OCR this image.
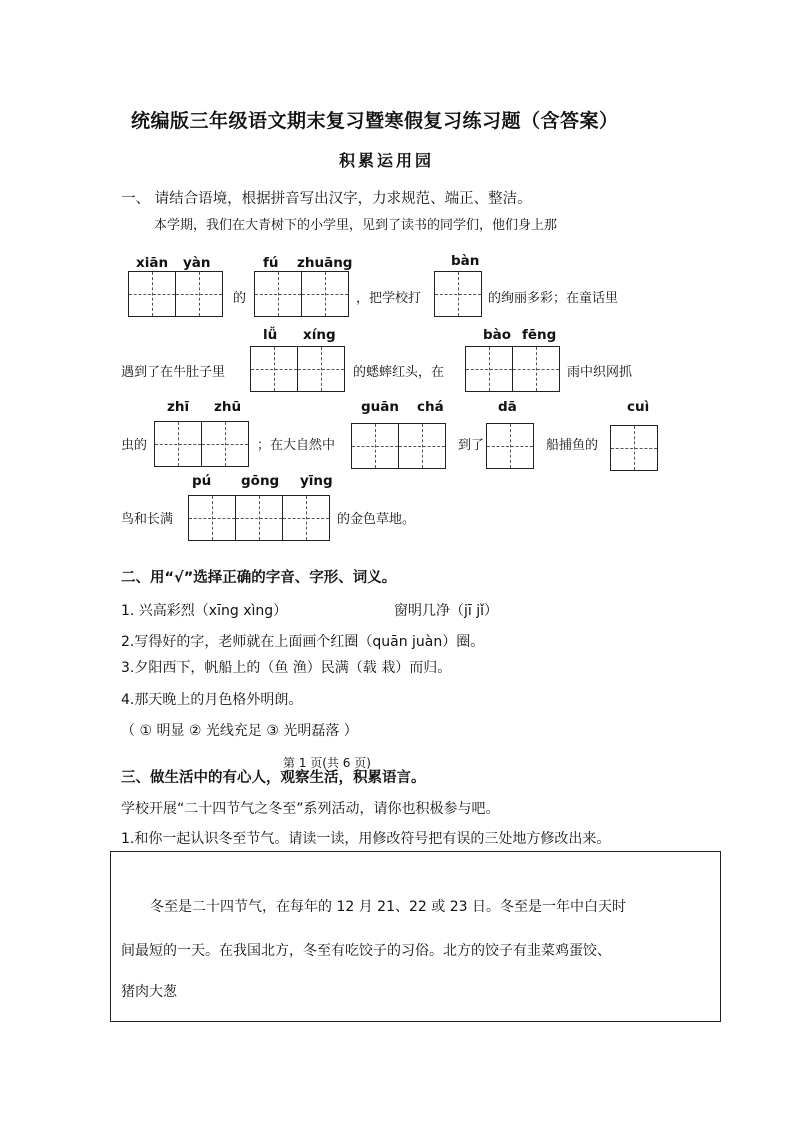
统编版三年级语文期末复习暨寒假复习练习题（含答案）
积累运用园
一、 请结合语境，根据拼音写出汉字，力求规范、端正、整洁。
本学期，我们在大青树下的小学里，见到了读书的同学们，他们身上那
xiān yàn	fú zhuāng	bàn
的	，把学校打	的绚丽多彩；在童话里
lǚ xíng	bào fēng
遇到了在牛肚子里	的蟋蟀红头，在	雨中织网抓
zhī zhū	guān chá	dā	cuì
虫的	；在大自然中	到了	船捕鱼的
pú gōng yīng
鸟和长满	的金色草地。
二、用“√”选择正确的字音、字形、词义。
1. 兴高彩烈（xīng xìng）	窗明几净（jī jǐ）
2.写得好的字，老师就在上面画个红圈（quān juàn）圈。
3.夕阳西下，帆船上的（鱼 渔）民满（载 栽）而归。
4.那天晚上的月色格外明朗。
（ ① 明显 ② 光线充足 ③ 光明磊落 ）
第 1 页(共 6 页)
三、做生活中的有心人，观察生活，积累语言。
学校开展“二十四节气之冬至”系列活动，请你也积极参与吧。
1.和你一起认识冬至节气。请读一读，用修改符号把有误的三处地方修改出来。
冬至是二十四节气，在每年的 12 月 21、22 或 23 日。冬至是一年中白天时
间最短的一天。在我国北方，冬至有吃饺子的习俗。北方的饺子有韭菜鸡蛋饺、
猪肉大葱
